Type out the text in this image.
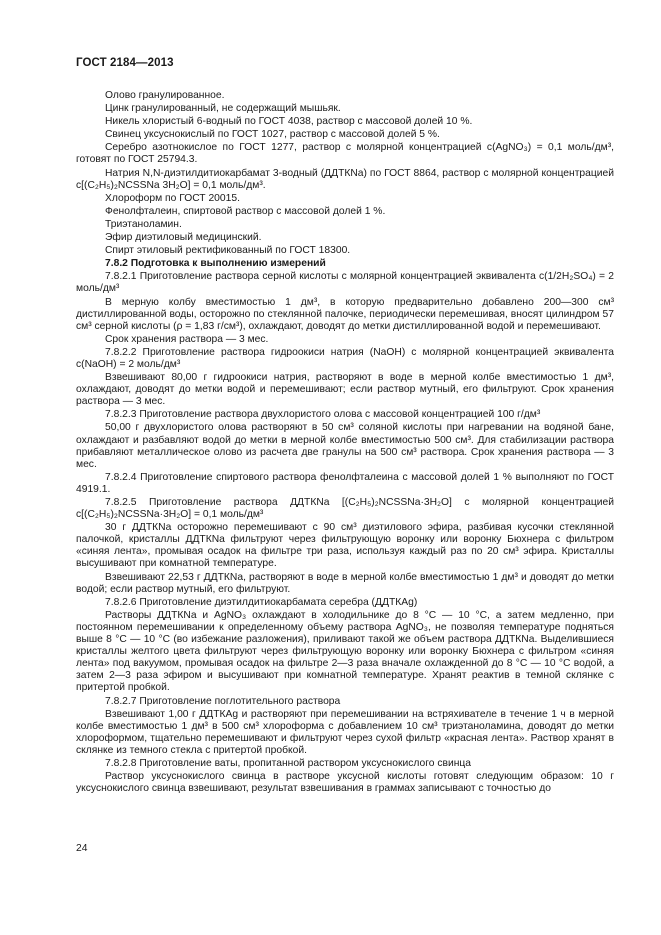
ГОСТ 2184—2013

Олово гранулированное.

Цинк гранулированный, не содержащий мышьяк.

Никель хлористый 6-водный по ГОСТ 4038, раствор с массовой долей 10 %.

Свинец уксуснокислый по ГОСТ 1027, раствор с массовой долей 5 %.

Серебро азотнокислое по ГОСТ 1277, раствор с молярной концентрацией c(AgNO₃) = 0,1 моль/дм³, готовят по ГОСТ 25794.3.

Натрия N,N-диэтилдитиокарбамат 3-водный (ДДТКNa) по ГОСТ 8864, раствор с молярной концентрацией c[(C₂H₅)₂NCSSNa 3H₂O] = 0,1 моль/дм³.

Хлороформ по ГОСТ 20015.

Фенолфталеин, спиртовой раствор с массовой долей 1 %.

Триэтаноламин.

Эфир диэтиловый медицинский.

Спирт этиловый ректификованный по ГОСТ 18300.

7.8.2 Подготовка к выполнению измерений

7.8.2.1 Приготовление раствора серной кислоты с молярной концентрацией эквивалента c(1/2H₂SO₄) = 2 моль/дм³

В мерную колбу вместимостью 1 дм³, в которую предварительно добавлено 200—300 см³ дистиллированной воды, осторожно по стеклянной палочке, периодически перемешивая, вносят цилиндром 57 см³ серной кислоты (ρ = 1,83 г/см³), охлаждают, доводят до метки дистиллированной водой и перемешивают.

Срок хранения раствора — 3 мес.

7.8.2.2 Приготовление раствора гидроокиси натрия (NaOH) с молярной концентрацией эквивалента c(NaOH) = 2 моль/дм³

Взвешивают 80,00 г гидроокиси натрия, растворяют в воде в мерной колбе вместимостью 1 дм³, охлаждают, доводят до метки водой и перемешивают; если раствор мутный, его фильтруют. Срок хранения раствора — 3 мес.

7.8.2.3 Приготовление раствора двухлористого олова с массовой концентрацией 100 г/дм³

50,00 г двухлористого олова растворяют в 50 см³ соляной кислоты при нагревании на водяной бане, охлаждают и разбавляют водой до метки в мерной колбе вместимостью 500 см³. Для стабилизации раствора прибавляют металлическое олово из расчета две гранулы на 500 см³ раствора. Срок хранения раствора — 3 мес.

7.8.2.4 Приготовление спиртового раствора фенолфталеина с массовой долей 1 % выполняют по ГОСТ 4919.1.

7.8.2.5 Приготовление раствора ДДТКNa [(C₂H₅)₂NCSSNa·3H₂O] с молярной концентрацией c[(C₂H₅)₂NCSSNa·3H₂O] = 0,1 моль/дм³

30 г ДДТКNa осторожно перемешивают с 90 см³ диэтилового эфира, разбивая кусочки стеклянной палочкой, кристаллы ДДТКNa фильтруют через фильтрующую воронку или воронку Бюхнера с фильтром «синяя лента», промывая осадок на фильтре три раза, используя каждый раз по 20 см³ эфира. Кристаллы высушивают при комнатной температуре.

Взвешивают 22,53 г ДДТКNa, растворяют в воде в мерной колбе вместимостью 1 дм³ и доводят до метки водой; если раствор мутный, его фильтруют.

7.8.2.6 Приготовление диэтилдитиокарбамата серебра (ДДТКAg)

Растворы ДДТКNa и AgNO₃ охлаждают в холодильнике до 8 °C — 10 °C, а затем медленно, при постоянном перемешивании к определенному объему раствора AgNO₃, не позволяя температуре подняться выше 8 °C — 10 °C (во избежание разложения), приливают такой же объем раствора ДДТКNa. Выделившиеся кристаллы желтого цвета фильтруют через фильтрующую воронку или воронку Бюхнера с фильтром «синяя лента» под вакуумом, промывая осадок на фильтре 2—3 раза вначале охлажденной до 8 °C — 10 °C водой, а затем 2—3 раза эфиром и высушивают при комнатной температуре. Хранят реактив в темной склянке с притертой пробкой.

7.8.2.7 Приготовление поглотительного раствора

Взвешивают 1,00 г ДДТКAg и растворяют при перемешивании на встряхивателе в течение 1 ч в мерной колбе вместимостью 1 дм³ в 500 см³ хлороформа с добавлением 10 см³ триэтаноламина, доводят до метки хлороформом, тщательно перемешивают и фильтруют через сухой фильтр «красная лента». Раствор хранят в склянке из темного стекла с притертой пробкой.

7.8.2.8 Приготовление ваты, пропитанной раствором уксуснокислого свинца

Раствор уксуснокислого свинца в растворе уксусной кислоты готовят следующим образом: 10 г уксуснокислого свинца взвешивают, результат взвешивания в граммах записывают с точностью до

24
